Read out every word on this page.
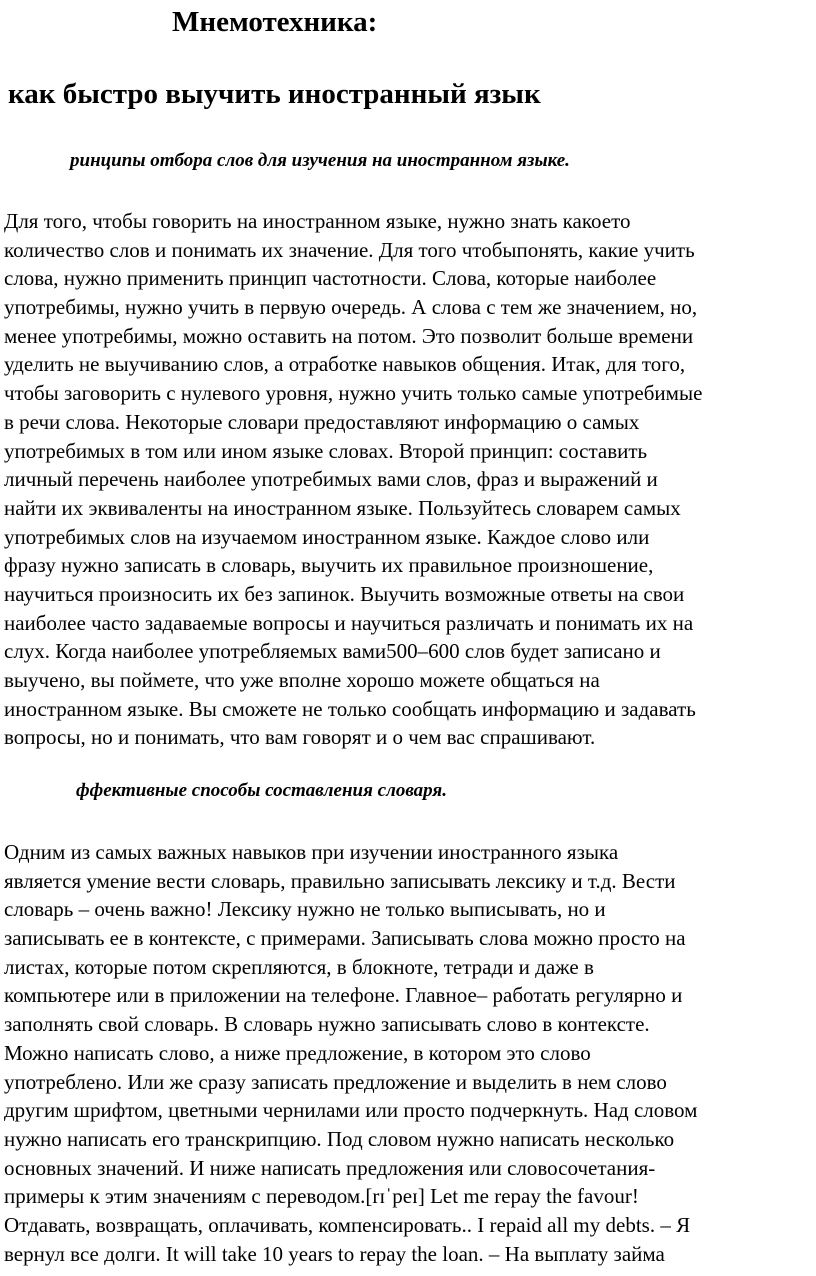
Мнемотехника:
как быстро выучить иностранный язык
ринципы отбора слов для изучения на иностранном языке.
Для того, чтобы говорить на иностранном языке, нужно знать какоето
количество слов и понимать их значение. Для того чтобыпонять, какие учить
слова, нужно применить принцип частотности. Слова, которые наиболее
употребимы, нужно учить в первую очередь. А слова с тем же значением, но,
менее употребимы, можно оставить на потом. Это позволит больше времени
уделить не выучиванию слов, а отработке навыков общения. Итак, для того,
чтобы заговорить с нулевого уровня, нужно учить только самые употребимые
в речи слова. Некоторые словари предоставляют информацию о самых
употребимых в том или ином языке словах. Второй принцип: составить
личный перечень наиболее употребимых вами слов, фраз и выражений и
найти их эквиваленты на иностранном языке. Пользуйтесь словарем самых
употребимых слов на изучаемом иностранном языке. Каждое слово или
фразу нужно записать в словарь, выучить их правильное произношение,
научиться произносить их без запинок. Выучить возможные ответы на свои
наиболее часто задаваемые вопросы и научиться различать и понимать их на
слух. Когда наиболее употребляемых вами500–600 слов будет записано и
выучено, вы поймете, что уже вполне хорошо можете общаться на
иностранном языке. Вы сможете не только сообщать информацию и задавать
вопросы, но и понимать, что вам говорят и о чем вас спрашивают.
ффективные способы составления словаря.
Одним из самых важных навыков при изучении иностранного языка
является умение вести словарь, правильно записывать лексику и т.д. Вести
словарь – очень важно! Лексику нужно не только выписывать, но и
записывать ее в контексте, с примерами. Записывать слова можно просто на
листах, которые потом скрепляются, в блокноте, тетради и даже в
компьютере или в приложении на телефоне. Главное– работать регулярно и
заполнять свой словарь. В словарь нужно записывать слово в контексте.
Можно написать слово, а ниже предложение, в котором это слово
употреблено. Или же сразу записать предложение и выделить в нем слово
другим шрифтом, цветными чернилами или просто подчеркнуть. Над словом
нужно написать его транскрипцию. Под словом нужно написать несколько
основных значений. И ниже написать предложения или словосочетания-
примеры к этим значениям с переводом.[rɪˈpeɪ] Let me repay the favour!
Отдавать, возвращать, оплачивать, компенсировать.. I repaid all my debts. – Я
вернул все долги. It will take 10 years to repay the loan. – На выплату займа
